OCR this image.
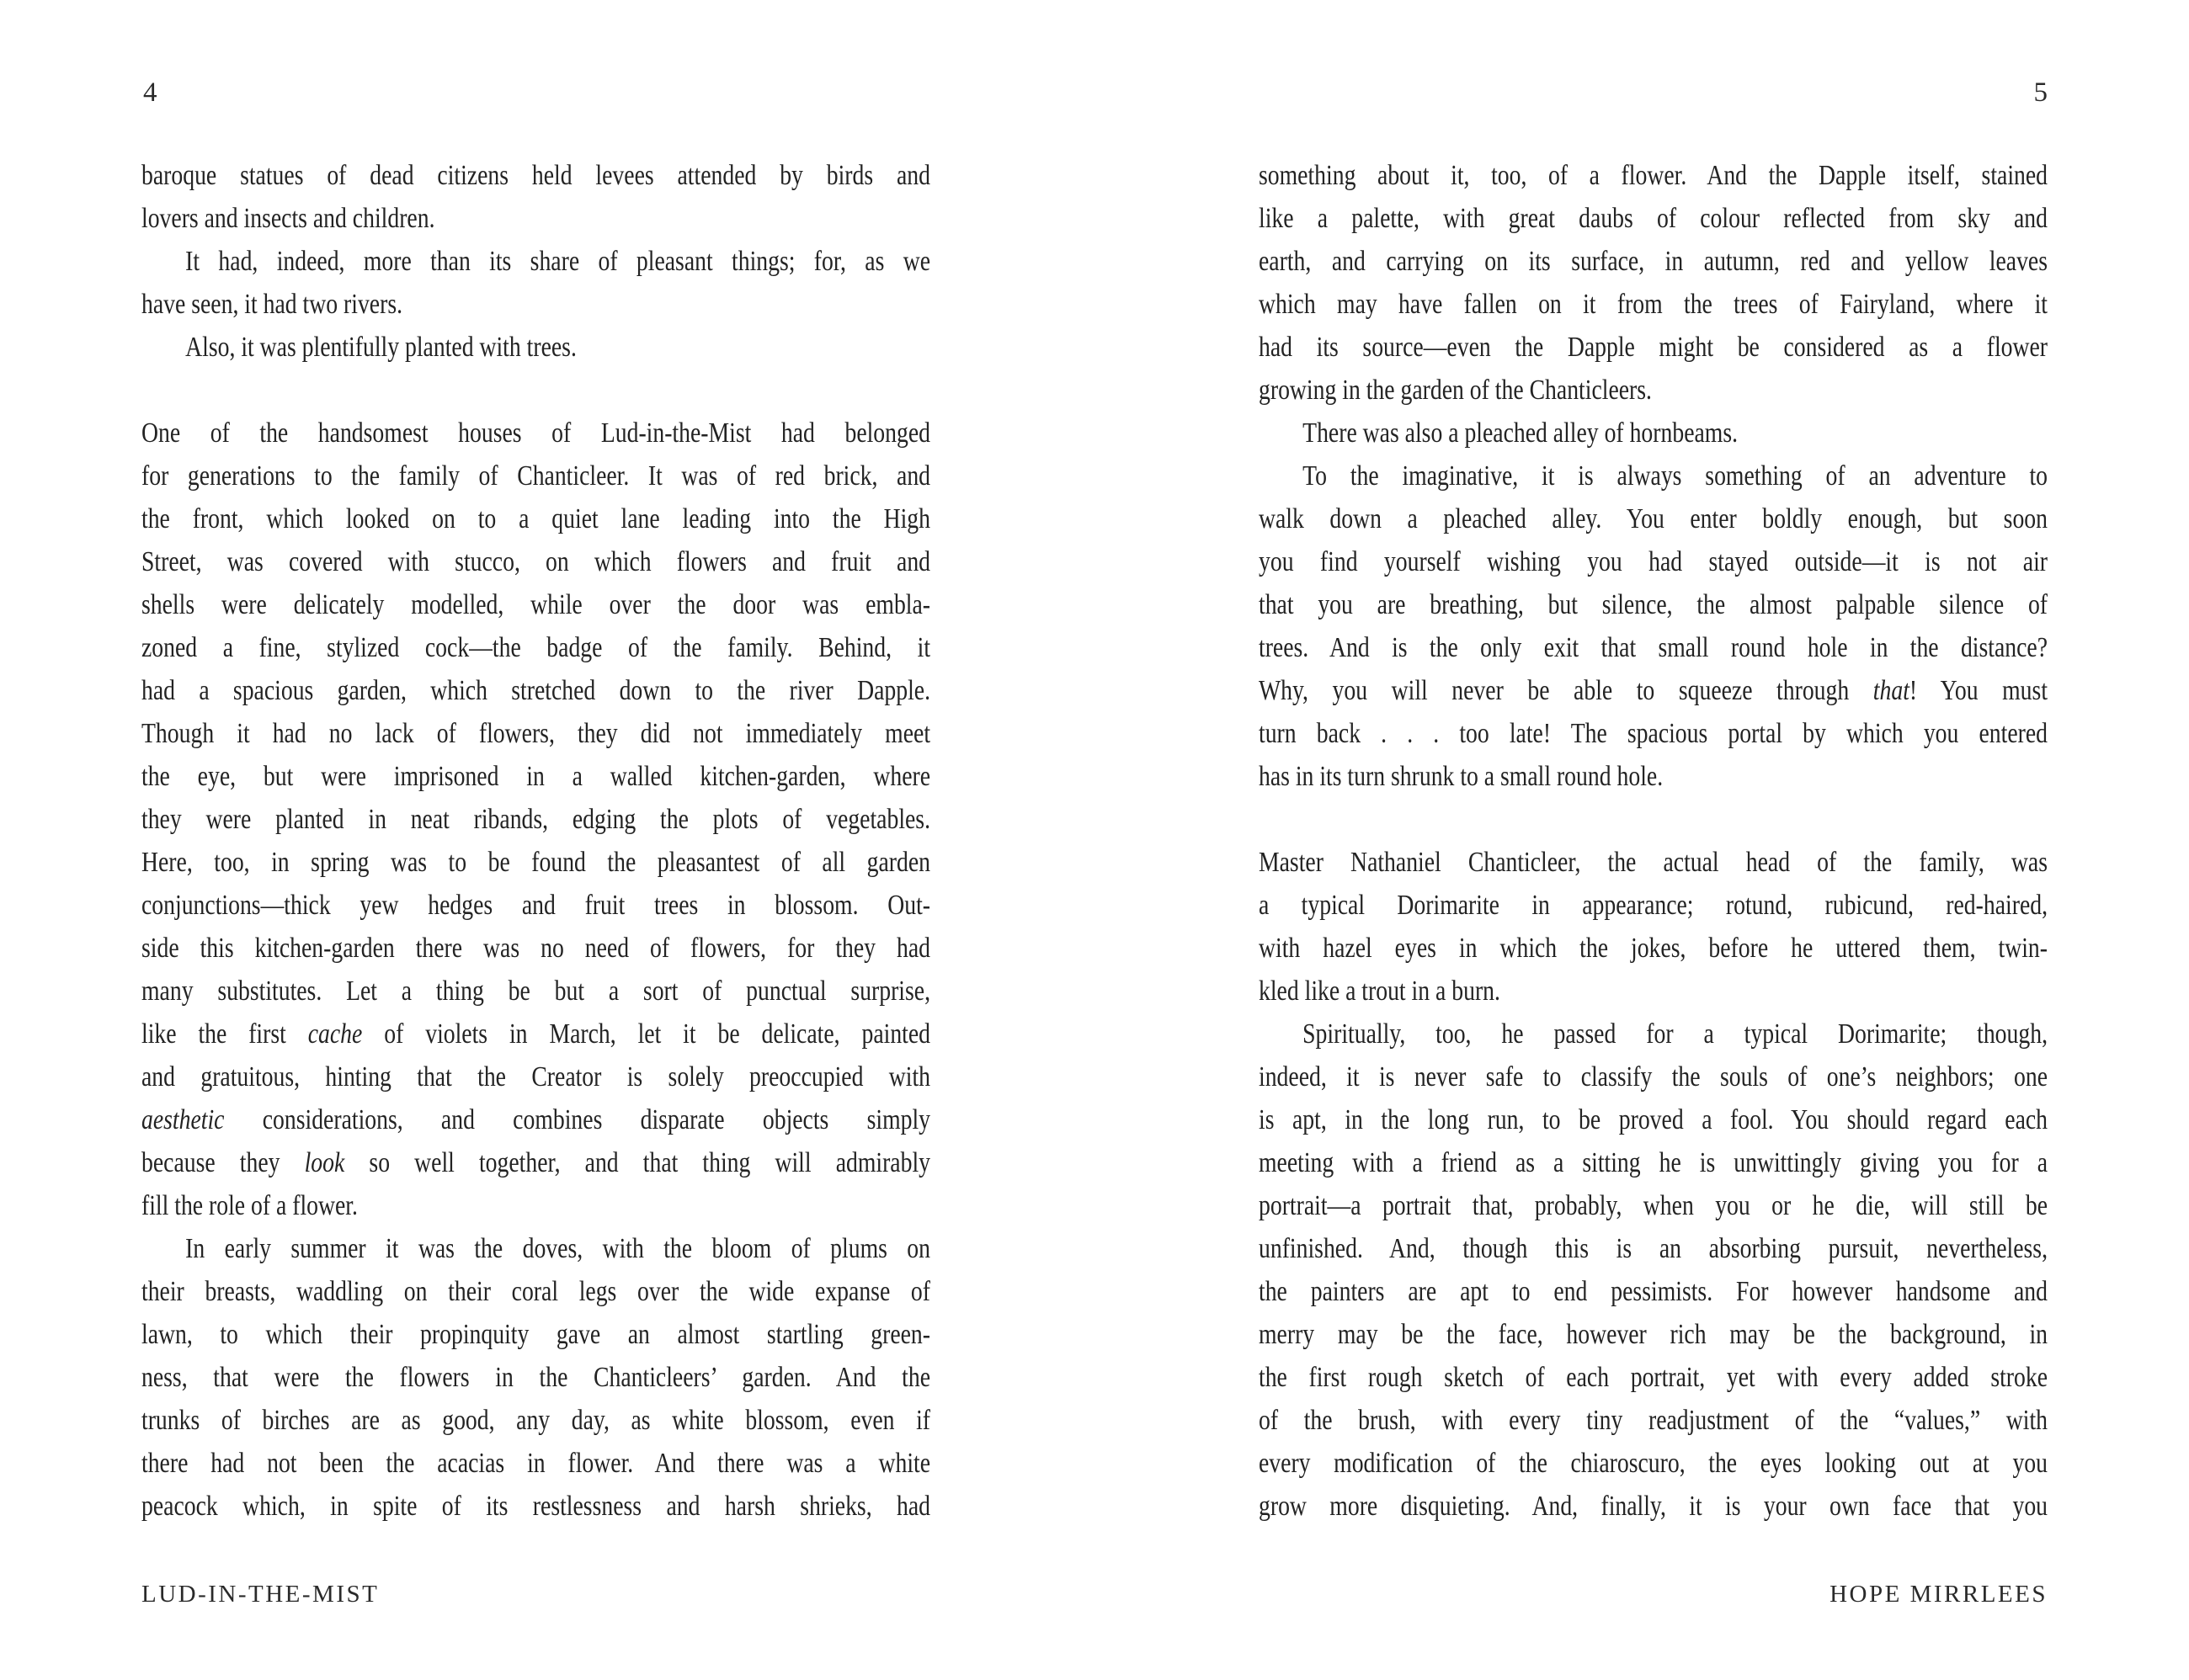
4	5
baroque statues of dead citizens held levees attended by birds and
lovers and insects and children.
It had, indeed, more than its share of pleasant things; for, as we
have seen, it had two rivers.
Also, it was plentifully planted with trees.
One of the handsomest houses of Lud-in-the-Mist had belonged
for generations to the family of Chanticleer. It was of red brick, and
the front, which looked on to a quiet lane leading into the High
Street, was covered with stucco, on which flowers and fruit and
shells were delicately modelled, while over the door was embla-
zoned a fine, stylized cock—the badge of the family. Behind, it
had a spacious garden, which stretched down to the river Dapple.
Though it had no lack of flowers, they did not immediately meet
the eye, but were imprisoned in a walled kitchen-garden, where
they were planted in neat ribands, edging the plots of vegetables.
Here, too, in spring was to be found the pleasantest of all garden
conjunctions—thick yew hedges and fruit trees in blossom. Out-
side this kitchen-garden there was no need of flowers, for they had
many substitutes. Let a thing be but a sort of punctual surprise,
like the first cache of violets in March, let it be delicate, painted
and gratuitous, hinting that the Creator is solely preoccupied with
aesthetic considerations, and combines disparate objects simply
because they look so well together, and that thing will admirably
fill the role of a flower.
In early summer it was the doves, with the bloom of plums on
their breasts, waddling on their coral legs over the wide expanse of
lawn, to which their propinquity gave an almost startling green-
ness, that were the flowers in the Chanticleers’ garden. And the
trunks of birches are as good, any day, as white blossom, even if
there had not been the acacias in flower. And there was a white
peacock which, in spite of its restlessness and harsh shrieks, had
something about it, too, of a flower. And the Dapple itself, stained
like a palette, with great daubs of colour reflected from sky and
earth, and carrying on its surface, in autumn, red and yellow leaves
which may have fallen on it from the trees of Fairyland, where it
had its source—even the Dapple might be considered as a flower
growing in the garden of the Chanticleers.
There was also a pleached alley of hornbeams.
To the imaginative, it is always something of an adventure to
walk down a pleached alley. You enter boldly enough, but soon
you find yourself wishing you had stayed outside—it is not air
that you are breathing, but silence, the almost palpable silence of
trees. And is the only exit that small round hole in the distance?
Why, you will never be able to squeeze through that! You must
turn back . . . too late! The spacious portal by which you entered
has in its turn shrunk to a small round hole.
Master Nathaniel Chanticleer, the actual head of the family, was
a typical Dorimarite in appearance; rotund, rubicund, red-haired,
with hazel eyes in which the jokes, before he uttered them, twin-
kled like a trout in a burn.
Spiritually, too, he passed for a typical Dorimarite; though,
indeed, it is never safe to classify the souls of one’s neighbors; one
is apt, in the long run, to be proved a fool. You should regard each
meeting with a friend as a sitting he is unwittingly giving you for a
portrait—a portrait that, probably, when you or he die, will still be
unfinished. And, though this is an absorbing pursuit, nevertheless,
the painters are apt to end pessimists. For however handsome and
merry may be the face, however rich may be the background, in
the first rough sketch of each portrait, yet with every added stroke
of the brush, with every tiny readjustment of the “values,” with
every modification of the chiaroscuro, the eyes looking out at you
grow more disquieting. And, finally, it is your own face that you
LUD-IN-THE-MIST	HOPE MIRRLEES
